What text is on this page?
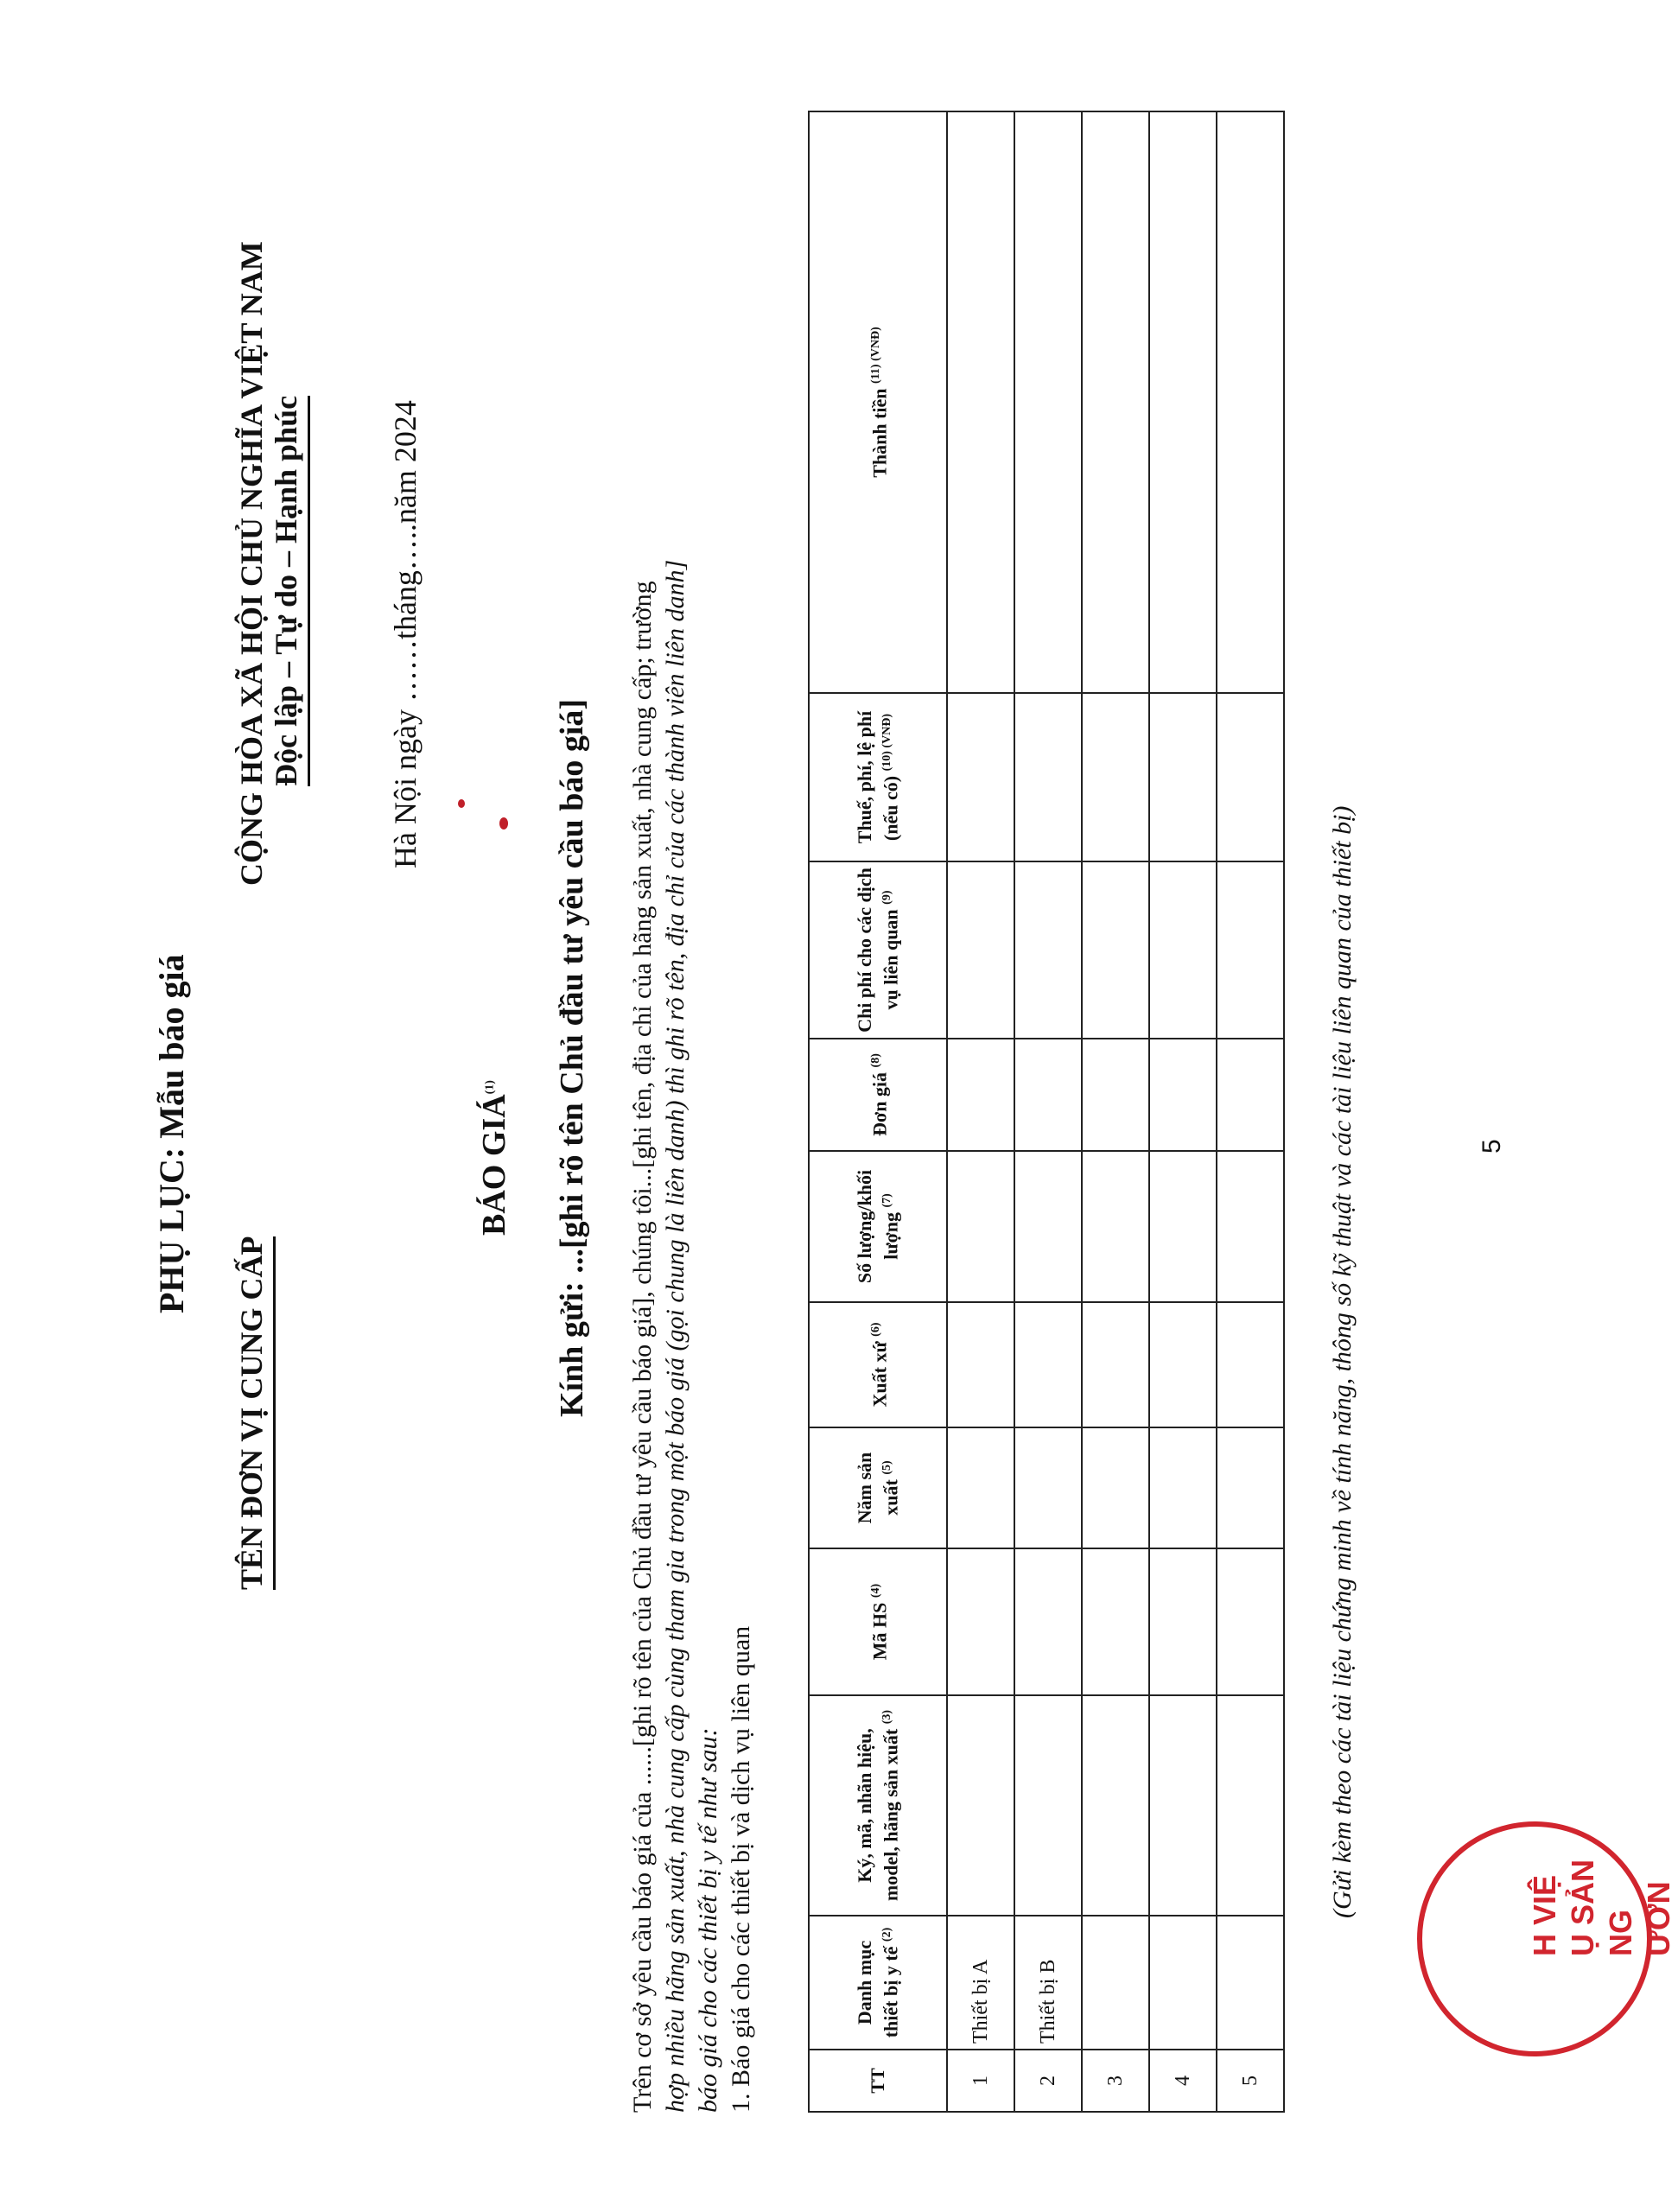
PHỤ LỤC: Mẫu báo giá
TÊN ĐƠN VỊ CUNG CẤP
CỘNG HÒA XÃ HỘI CHỦ NGHĨA VIỆT NAM Độc lập – Tự do – Hạnh phúc	Hà Nội ngày ……tháng…..năm 2024
BÁO GIÁ$^{(1)}$	Kính gửi: ...[ghi rõ tên Chủ đầu tư yêu cầu báo giá] Trên cơ sở yêu cầu báo giá của ......[ghi rõ tên của Chủ đầu tư yêu cầu báo giá], chúng tôi...[ghi tên, địa chỉ của hãng sản xuất, nhà cung cấp; trường hợp nhiều hãng sản xuất, nhà cung cấp cùng tham gia trong một báo giá (gọi chung là liên danh) thì ghi rõ tên, địa chỉ của các thành viên liên danh] báo giá cho các thiết bị y tế như sau: 1. Báo giá cho các thiết bị và dịch vụ liên quan	TT	Danh mục thiết bị y tế $^{(2)}$	Ký, mã, nhãn hiệu, model, hãng sản xuất $^{(3)}$	Mã HS $^{(4)}$	Năm sản xuất $^{(5)}$	Xuất xứ $^{(6)}$	Số lượng/khối lượng $^{(7)}$	Đơn giá $^{(8)}$	Chi phí cho các dịch vụ liên quan $^{(9)}$	Thuế, phí, lệ phí (nếu có) $^{(10) (VNĐ)}$	Thành tiền $^{(11) (VNĐ)}$
1	Thiết bị A									
2	Thiết bị B									
3										
4										
5										
(Gửi kèm theo các tài liệu chứng minh về tính năng, thông số kỹ thuật và các tài liệu liên quan của thiết bị)	H VIỆ Ụ SẢN NG ƯƠN
5
